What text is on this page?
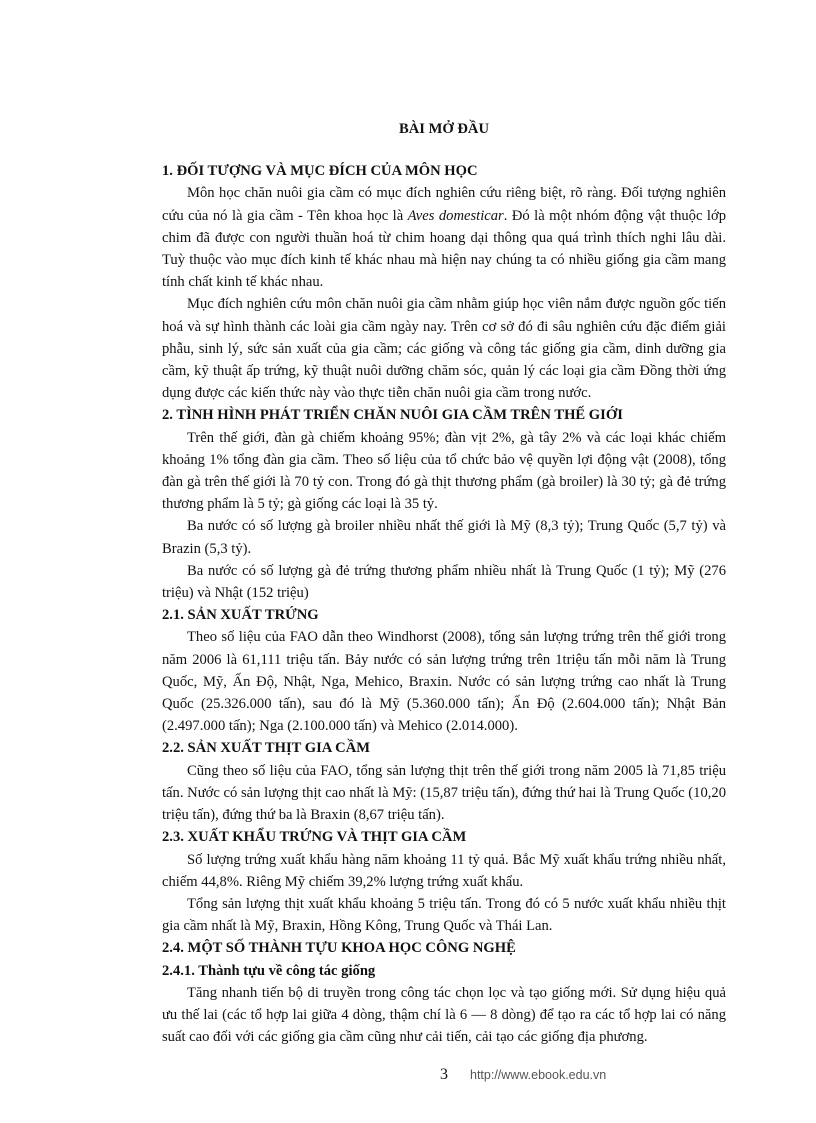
BÀI MỞ ĐẦU
1. ĐỐI TƯỢNG VÀ MỤC ĐÍCH CỦA MÔN HỌC

Môn học chăn nuôi gia cầm có mục đích nghiên cứu riêng biệt, rõ ràng. Đối tượng nghiên cứu của nó là gia cầm - Tên khoa học là Aves domesticar. Đó là một nhóm động vật thuộc lớp chim đã được con người thuần hoá từ chim hoang dại thông qua quá trình thích nghi lâu dài. Tuỳ thuộc vào mục đích kinh tế khác nhau mà hiện nay chúng ta có nhiều giống gia cầm mang tính chất kinh tế khác nhau.

Mục đích nghiên cứu môn chăn nuôi gia cầm nhằm giúp học viên nắm được nguồn gốc tiến hoá và sự hình thành các loài gia cầm ngày nay. Trên cơ sở đó đi sâu nghiên cứu đặc điểm giải phẫu, sinh lý, sức sản xuất của gia cầm; các giống và công tác giống gia cầm, dinh dưỡng gia cầm, kỹ thuật ấp trứng, kỹ thuật nuôi dưỡng chăm sóc, quản lý các loại gia cầm Đồng thời ứng dụng được các kiến thức này vào thực tiễn chăn nuôi gia cầm trong nước.

2. TÌNH HÌNH PHÁT TRIỂN CHĂN NUÔI GIA CẦM TRÊN THẾ GIỚI

Trên thế giới, đàn gà chiếm khoảng 95%; đàn vịt 2%, gà tây 2% và các loại khác chiếm khoảng 1% tổng đàn gia cầm. Theo số liệu của tổ chức bảo vệ quyền lợi động vật (2008), tổng đàn gà trên thế giới là 70 tỷ con. Trong đó gà thịt thương phẩm (gà broiler) là 30 tỷ; gà đẻ trứng thương phẩm là 5 tỷ; gà giống các loại là 35 tỷ.

Ba nước có số lượng gà broiler nhiều nhất thế giới là Mỹ (8,3 tỷ); Trung Quốc (5,7 tỷ) và Brazin (5,3 tỷ).

Ba nước có số lượng gà đẻ trứng thương phẩm nhiều nhất là Trung Quốc (1 tỷ); Mỹ (276 triệu) và Nhật (152 triệu)

2.1. SẢN XUẤT TRỨNG

Theo số liệu của FAO dẫn theo Windhorst (2008), tổng sản lượng trứng trên thế giới trong năm 2006 là 61,111 triệu tấn. Bảy nước có sản lượng trứng trên 1triệu tấn mỗi năm là Trung Quốc, Mỹ, Ấn Độ, Nhật, Nga, Mehico, Braxin. Nước có sản lượng trứng cao nhất là Trung Quốc (25.326.000 tấn), sau đó là Mỹ (5.360.000 tấn); Ấn Độ (2.604.000 tấn); Nhật Bản (2.497.000 tấn); Nga (2.100.000 tấn) và Mehico (2.014.000).

2.2. SẢN XUẤT THỊT GIA CẦM

Cũng theo số liệu của FAO, tổng sản lượng thịt trên thế giới trong năm 2005 là 71,85 triệu tấn. Nước có sản lượng thịt cao nhất là Mỹ: (15,87 triệu tấn), đứng thứ hai là Trung Quốc (10,20 triệu tấn), đứng thứ ba là Braxin (8,67 triệu tấn).

2.3. XUẤT KHẨU TRỨNG VÀ THỊT GIA CẦM

Số lượng trứng xuất khẩu hàng năm khoảng 11 tỷ quả. Bắc Mỹ xuất khẩu trứng nhiều nhất, chiếm 44,8%. Riêng Mỹ chiếm 39,2% lượng trứng xuất khẩu.

Tổng sản lượng thịt xuất khẩu khoảng 5 triệu tấn. Trong đó có 5 nước xuất khẩu nhiều thịt gia cầm nhất là Mỹ, Braxin, Hồng Kông, Trung Quốc và Thái Lan.

2.4. MỘT SỐ THÀNH TỰU KHOA HỌC CÔNG NGHỆ
2.4.1. Thành tựu về công tác giống

Tăng nhanh tiến bộ di truyền trong công tác chọn lọc và tạo giống mới. Sử dụng hiệu quả ưu thế lai (các tổ hợp lai giữa 4 dòng, thậm chí là 6 — 8 dòng) để tạo ra các tổ hợp lai có năng suất cao đối với các giống gia cầm cũng như cải tiến, cải tạo các giống địa phương.

3 http://www.ebook.edu.vn
